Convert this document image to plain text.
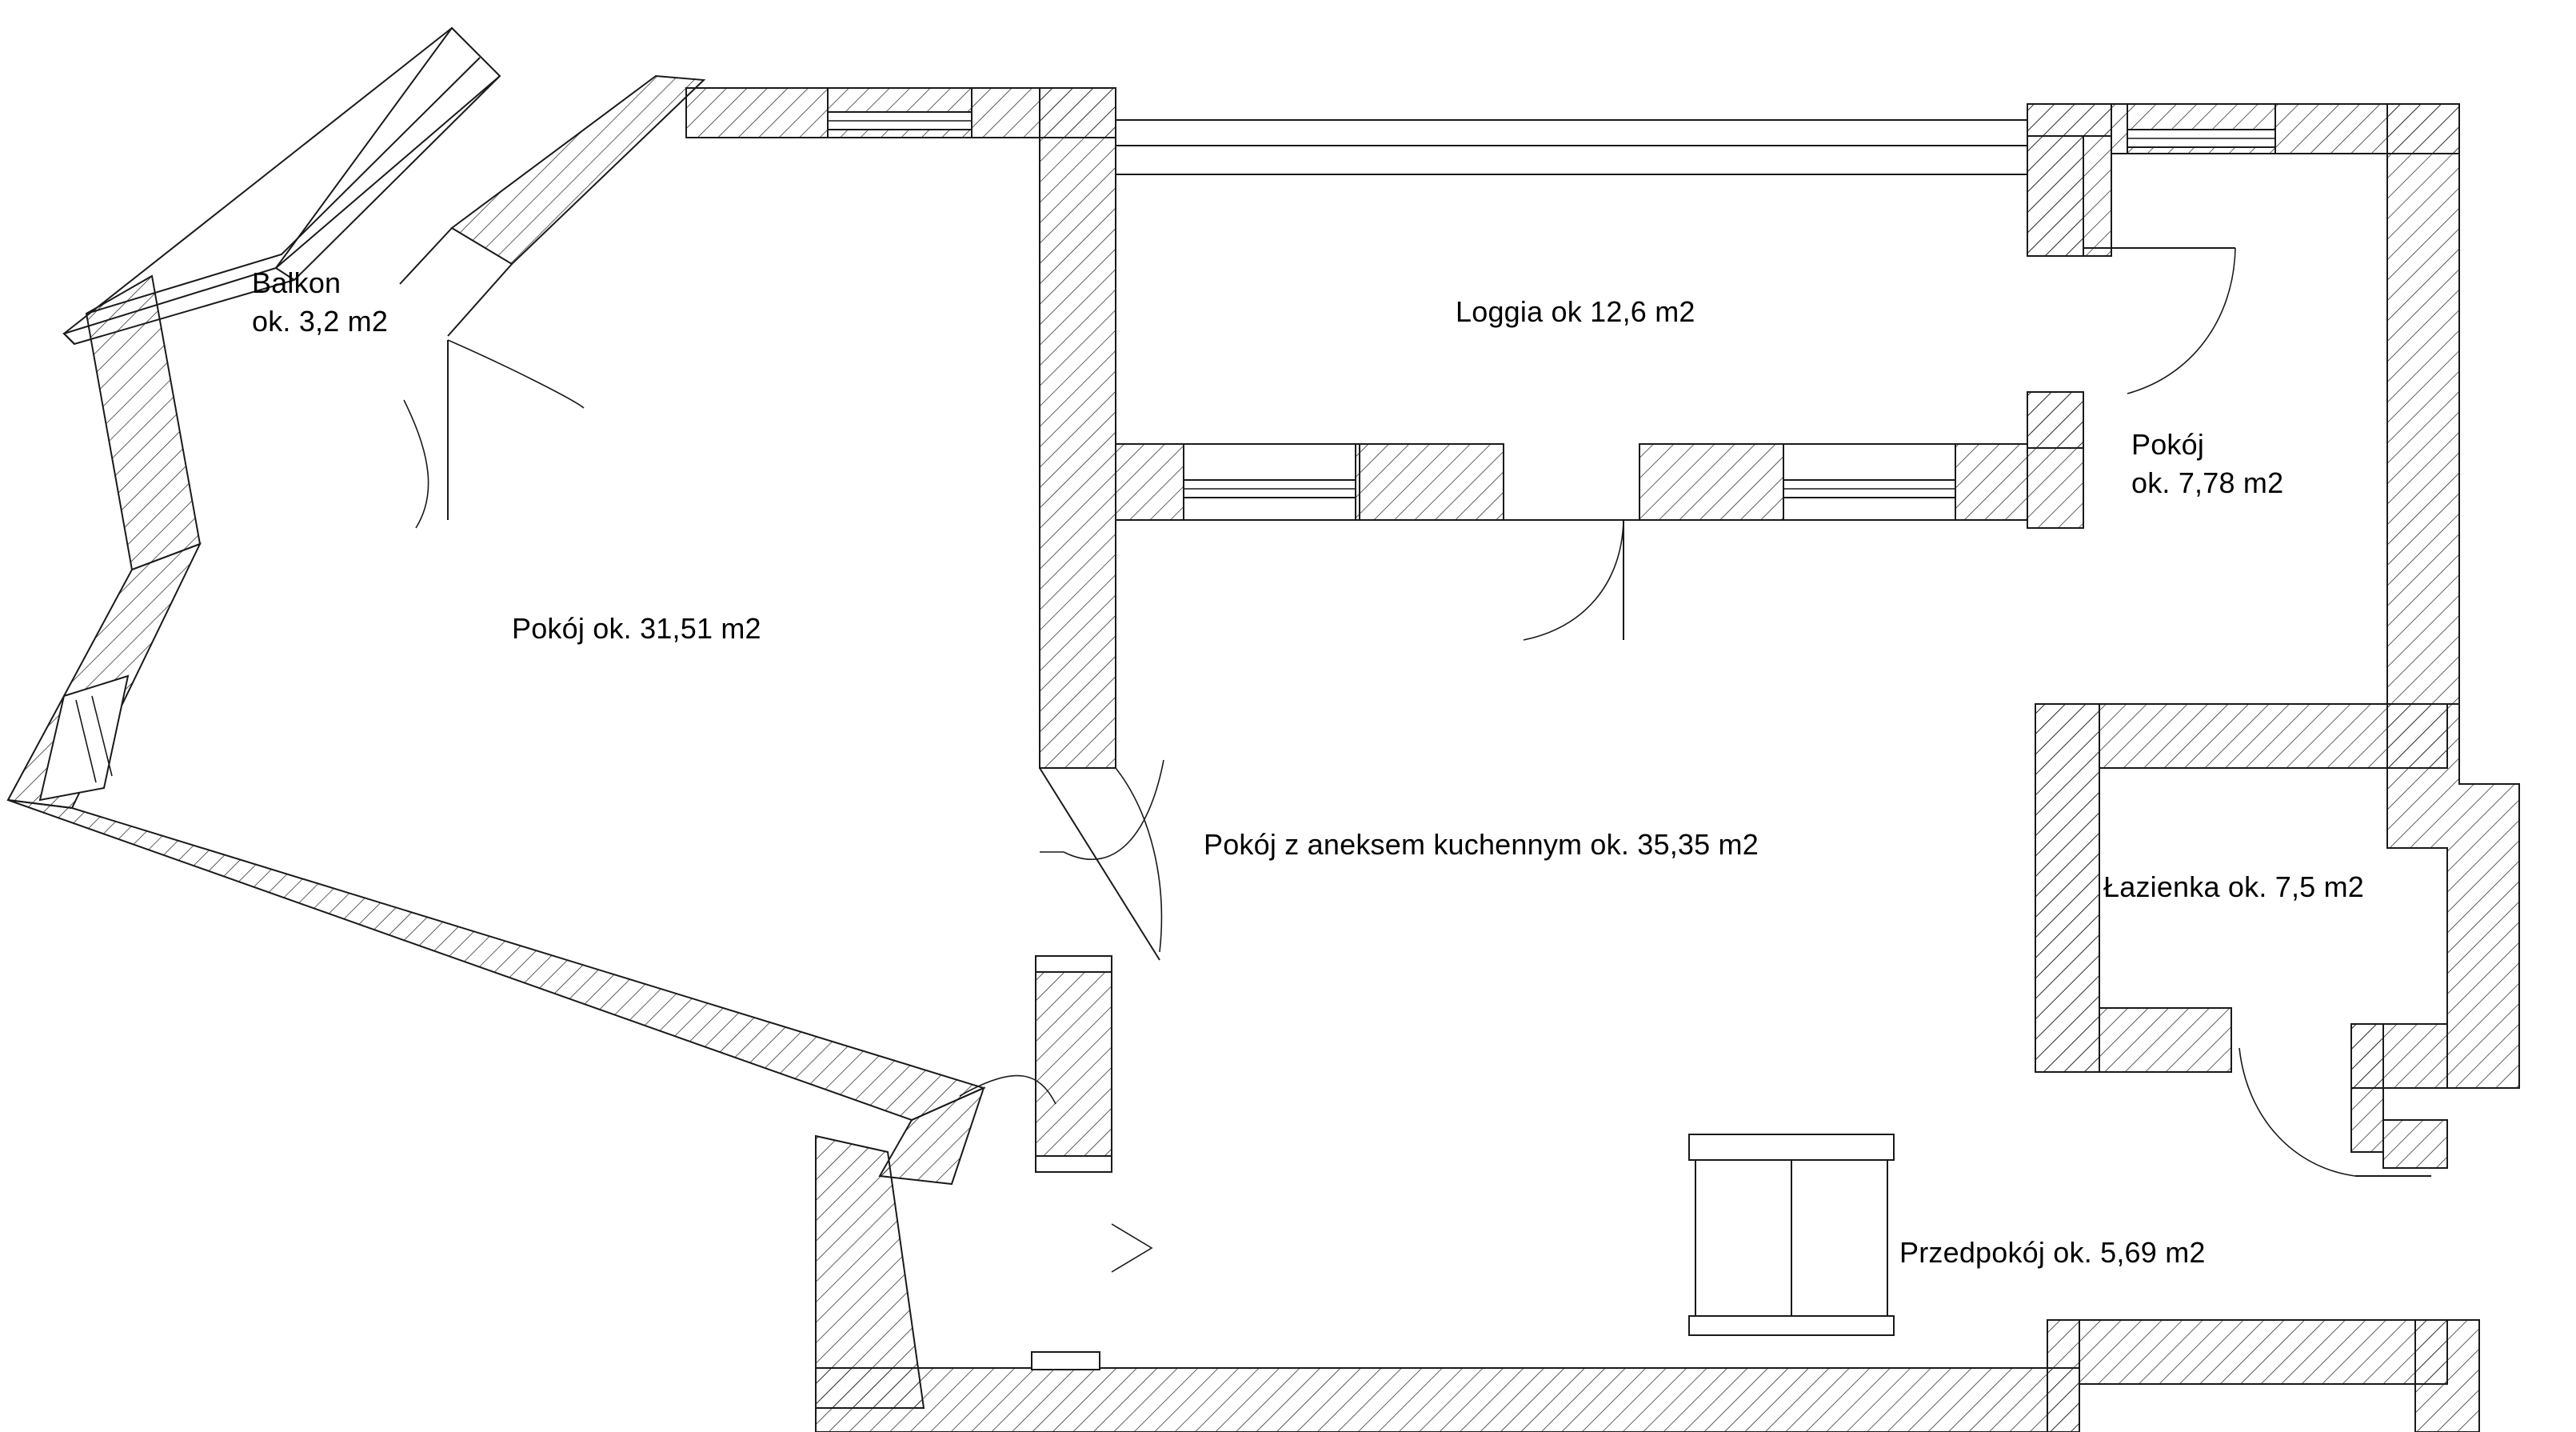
Balkon
ok. 3,2 m2
Pokój ok. 31,51 m2
Loggia ok 12,6 m2
Pokój
ok. 7,78 m2
Pokój z aneksem kuchennym ok. 35,35 m2
Łazienka ok. 7,5 m2
Przedpokój ok. 5,69 m2
